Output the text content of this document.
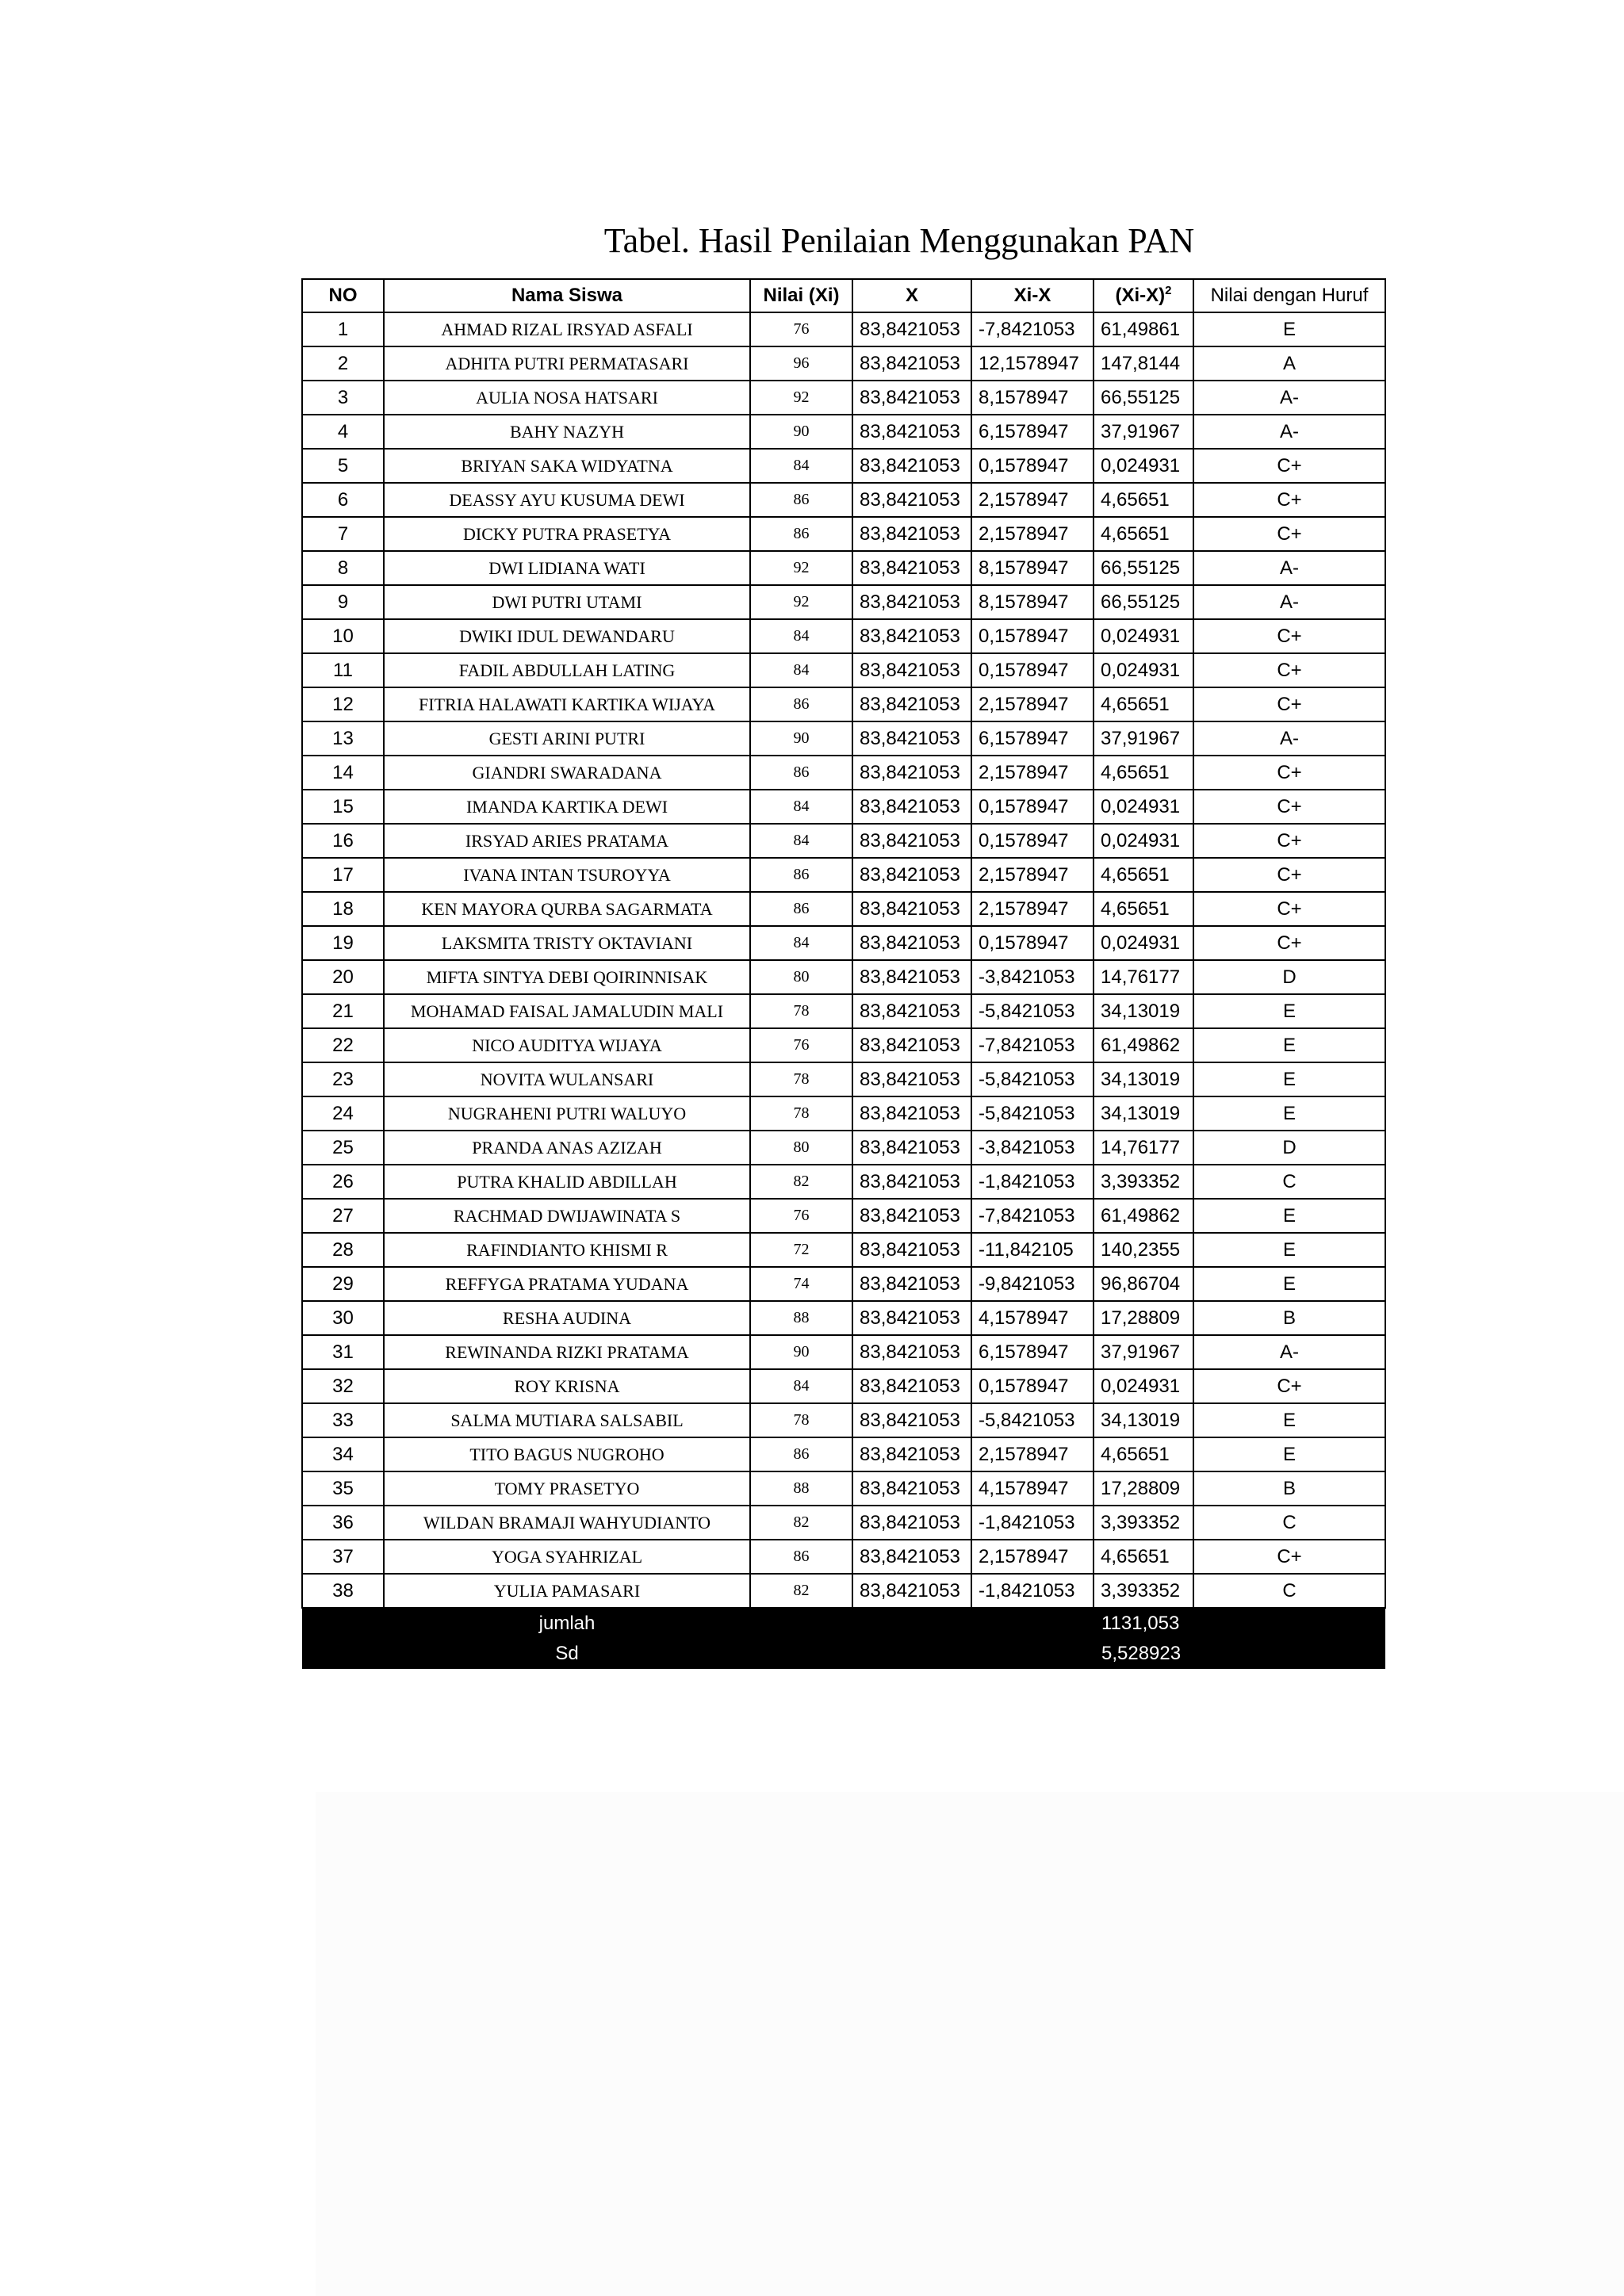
Tabel. Hasil Penilaian Menggunakan PAN
NO	Nama Siswa	Nilai (Xi)	X	Xi-X	$(Xi-X)^2$	Nilai dengan Huruf
1	AHMAD RIZAL IRSYAD ASFALI	76	83,8421053	-7,8421053	61,49861	E
2	ADHITA PUTRI PERMATASARI	96	83,8421053	12,1578947	147,8144	A
3	AULIA NOSA HATSARI	92	83,8421053	8,1578947	66,55125	A-
4	BAHY NAZYH	90	83,8421053	6,1578947	37,91967	A-
5	BRIYAN SAKA WIDYATNA	84	83,8421053	0,1578947	0,024931	C+
6	DEASSY AYU KUSUMA DEWI	86	83,8421053	2,1578947	4,65651	C+
7	DICKY PUTRA PRASETYA	86	83,8421053	2,1578947	4,65651	C+
8	DWI LIDIANA WATI	92	83,8421053	8,1578947	66,55125	A-
9	DWI PUTRI UTAMI	92	83,8421053	8,1578947	66,55125	A-
10	DWIKI IDUL DEWANDARU	84	83,8421053	0,1578947	0,024931	C+
11	FADIL ABDULLAH LATING	84	83,8421053	0,1578947	0,024931	C+
12	FITRIA HALAWATI KARTIKA WIJAYA	86	83,8421053	2,1578947	4,65651	C+
13	GESTI ARINI PUTRI	90	83,8421053	6,1578947	37,91967	A-
14	GIANDRI SWARADANA	86	83,8421053	2,1578947	4,65651	C+
15	IMANDA KARTIKA DEWI	84	83,8421053	0,1578947	0,024931	C+
16	IRSYAD ARIES PRATAMA	84	83,8421053	0,1578947	0,024931	C+
17	IVANA INTAN TSUROYYA	86	83,8421053	2,1578947	4,65651	C+
18	KEN MAYORA QURBA SAGARMATA	86	83,8421053	2,1578947	4,65651	C+
19	LAKSMITA TRISTY OKTAVIANI	84	83,8421053	0,1578947	0,024931	C+
20	MIFTA SINTYA DEBI QOIRINNISAK	80	83,8421053	-3,8421053	14,76177	D
21	MOHAMAD FAISAL JAMALUDIN MALI	78	83,8421053	-5,8421053	34,13019	E
22	NICO AUDITYA WIJAYA	76	83,8421053	-7,8421053	61,49862	E
23	NOVITA WULANSARI	78	83,8421053	-5,8421053	34,13019	E
24	NUGRAHENI PUTRI WALUYO	78	83,8421053	-5,8421053	34,13019	E
25	PRANDA ANAS AZIZAH	80	83,8421053	-3,8421053	14,76177	D
26	PUTRA KHALID ABDILLAH	82	83,8421053	-1,8421053	3,393352	C
27	RACHMAD DWIJAWINATA S	76	83,8421053	-7,8421053	61,49862	E
28	RAFINDIANTO KHISMI R	72	83,8421053	-11,842105	140,2355	E
29	REFFYGA PRATAMA YUDANA	74	83,8421053	-9,8421053	96,86704	E
30	RESHA AUDINA	88	83,8421053	4,1578947	17,28809	B
31	REWINANDA RIZKI PRATAMA	90	83,8421053	6,1578947	37,91967	A-
32	ROY KRISNA	84	83,8421053	0,1578947	0,024931	C+
33	SALMA MUTIARA SALSABIL	78	83,8421053	-5,8421053	34,13019	E
34	TITO BAGUS NUGROHO	86	83,8421053	2,1578947	4,65651	E
35	TOMY PRASETYO	88	83,8421053	4,1578947	17,28809	B
36	WILDAN BRAMAJI WAHYUDIANTO	82	83,8421053	-1,8421053	3,393352	C
37	YOGA SYAHRIZAL	86	83,8421053	2,1578947	4,65651	C+
38	YULIA PAMASARI	82	83,8421053	-1,8421053	3,393352	C
	jumlah				1131,053	
	Sd				5,528923	
